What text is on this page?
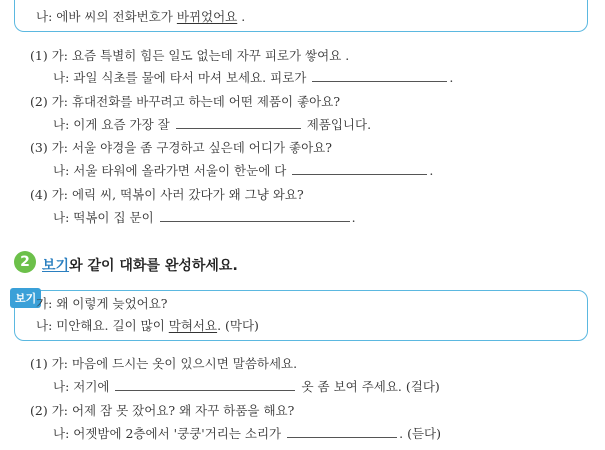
나: 에바 씨의 전화번호가 바뀌었어요 .
(1) 가: 요즘 특별히 힘든 일도 없는데 자꾸 피로가 쌓여요 .
나: 과일 식초를 물에 타서 마셔 보세요. 피로가	.
(2) 가: 휴대전화를 바꾸려고 하는데 어떤 제품이 좋아요?
나: 이게 요즘 가장 잘	제품입니다.
(3) 가: 서울 야경을 좀 구경하고 싶은데 어디가 좋아요?
나: 서울 타워에 올라가면 서울이 한눈에 다	.
(4) 가: 에릭 씨, 떡볶이 사러 갔다가 왜 그냥 와요?
나: 떡볶이 집 문이	.
2 보기와 같이 대화를 완성하세요.
보기 가: 왜 이렇게 늦었어요?
나: 미안해요. 길이 많이 막혀서요. (막다)
(1) 가: 마음에 드시는 옷이 있으시면 말씀하세요.
나: 저기에	옷 좀 보여 주세요. (걸다)
(2) 가: 어제 잠 못 잤어요? 왜 자꾸 하품을 해요?
나: 어젯밤에 2층에서 '쿵쿵'거리는 소리가	. (듣다)
